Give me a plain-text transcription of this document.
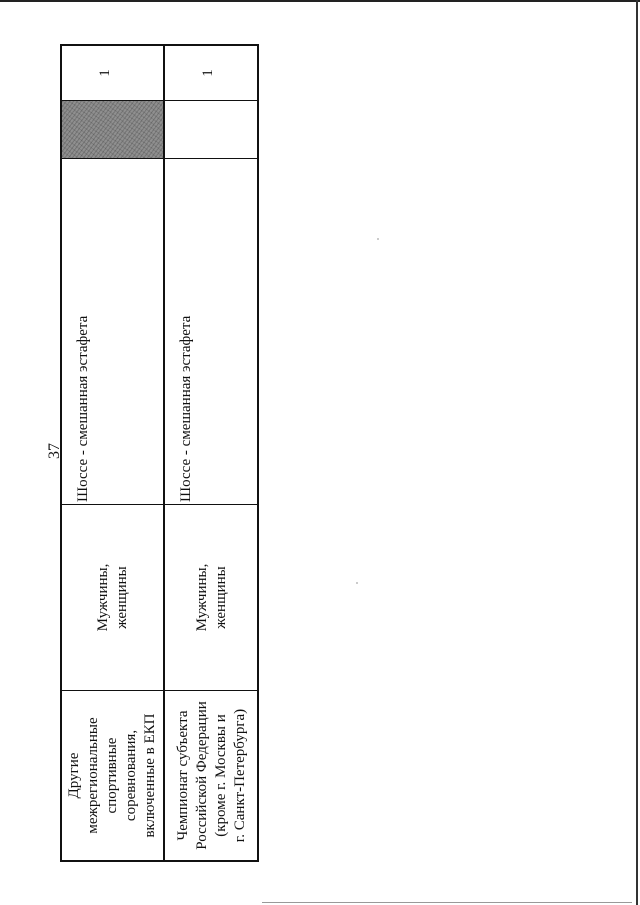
37
Другие межрегиональные спортивные соревнования, включенные в ЕКП
Мужчины, женщины
Шоссе - смешанная эстафета
1
Чемпионат субъекта Российской Федерации (кроме г. Москвы и г. Санкт-Петербурга)
Мужчины, женщины
Шоссе - смешанная эстафета
1
